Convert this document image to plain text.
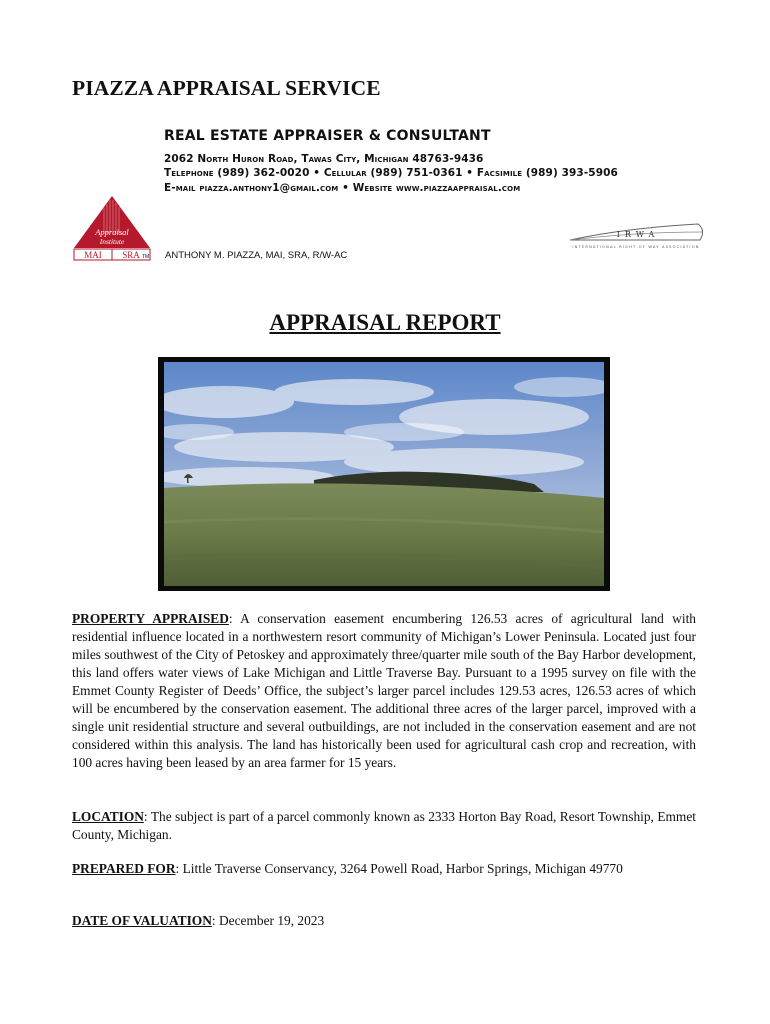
PIAZZA APPRAISAL SERVICE
REAL ESTATE APPRAISER & CONSULTANT
2062 North Huron Road, Tawas City, Michigan 48763-9436
Telephone (989) 362-0020 • Cellular (989) 751-0361 • Facsimile (989) 393-5906
E-mail piazza.anthony1@gmail.com • Website www.piazzaappraisal.com
Appraisal
Institute
MAI SRA TM ANTHONY M. PIAZZA, MAI, SRA, R/W-AC
IRWA
INTERNATIONAL RIGHT OF WAY ASSOCIATION
APPRAISAL REPORT
PROPERTY APPRAISED: A conservation easement encumbering 126.53 acres of agricultural land with residential influence located in a northwestern resort community of Michigan’s Lower Peninsula. Located just four miles southwest of the City of Petoskey and approximately three/quarter mile south of the Bay Harbor development, this land offers water views of Lake Michigan and Little Traverse Bay. Pursuant to a 1995 survey on file with the Emmet County Register of Deeds’ Office, the subject’s larger parcel includes 129.53 acres, 126.53 acres of which will be encumbered by the conservation easement. The additional three acres of the larger parcel, improved with a single unit residential structure and several outbuildings, are not included in the conservation easement and are not considered within this analysis. The land has historically been used for agricultural cash crop and recreation, with 100 acres having been leased by an area farmer for 15 years.
LOCATION: The subject is part of a parcel commonly known as 2333 Horton Bay Road, Resort Township, Emmet County, Michigan.
PREPARED FOR: Little Traverse Conservancy, 3264 Powell Road, Harbor Springs, Michigan 49770
DATE OF VALUATION: December 19, 2023
